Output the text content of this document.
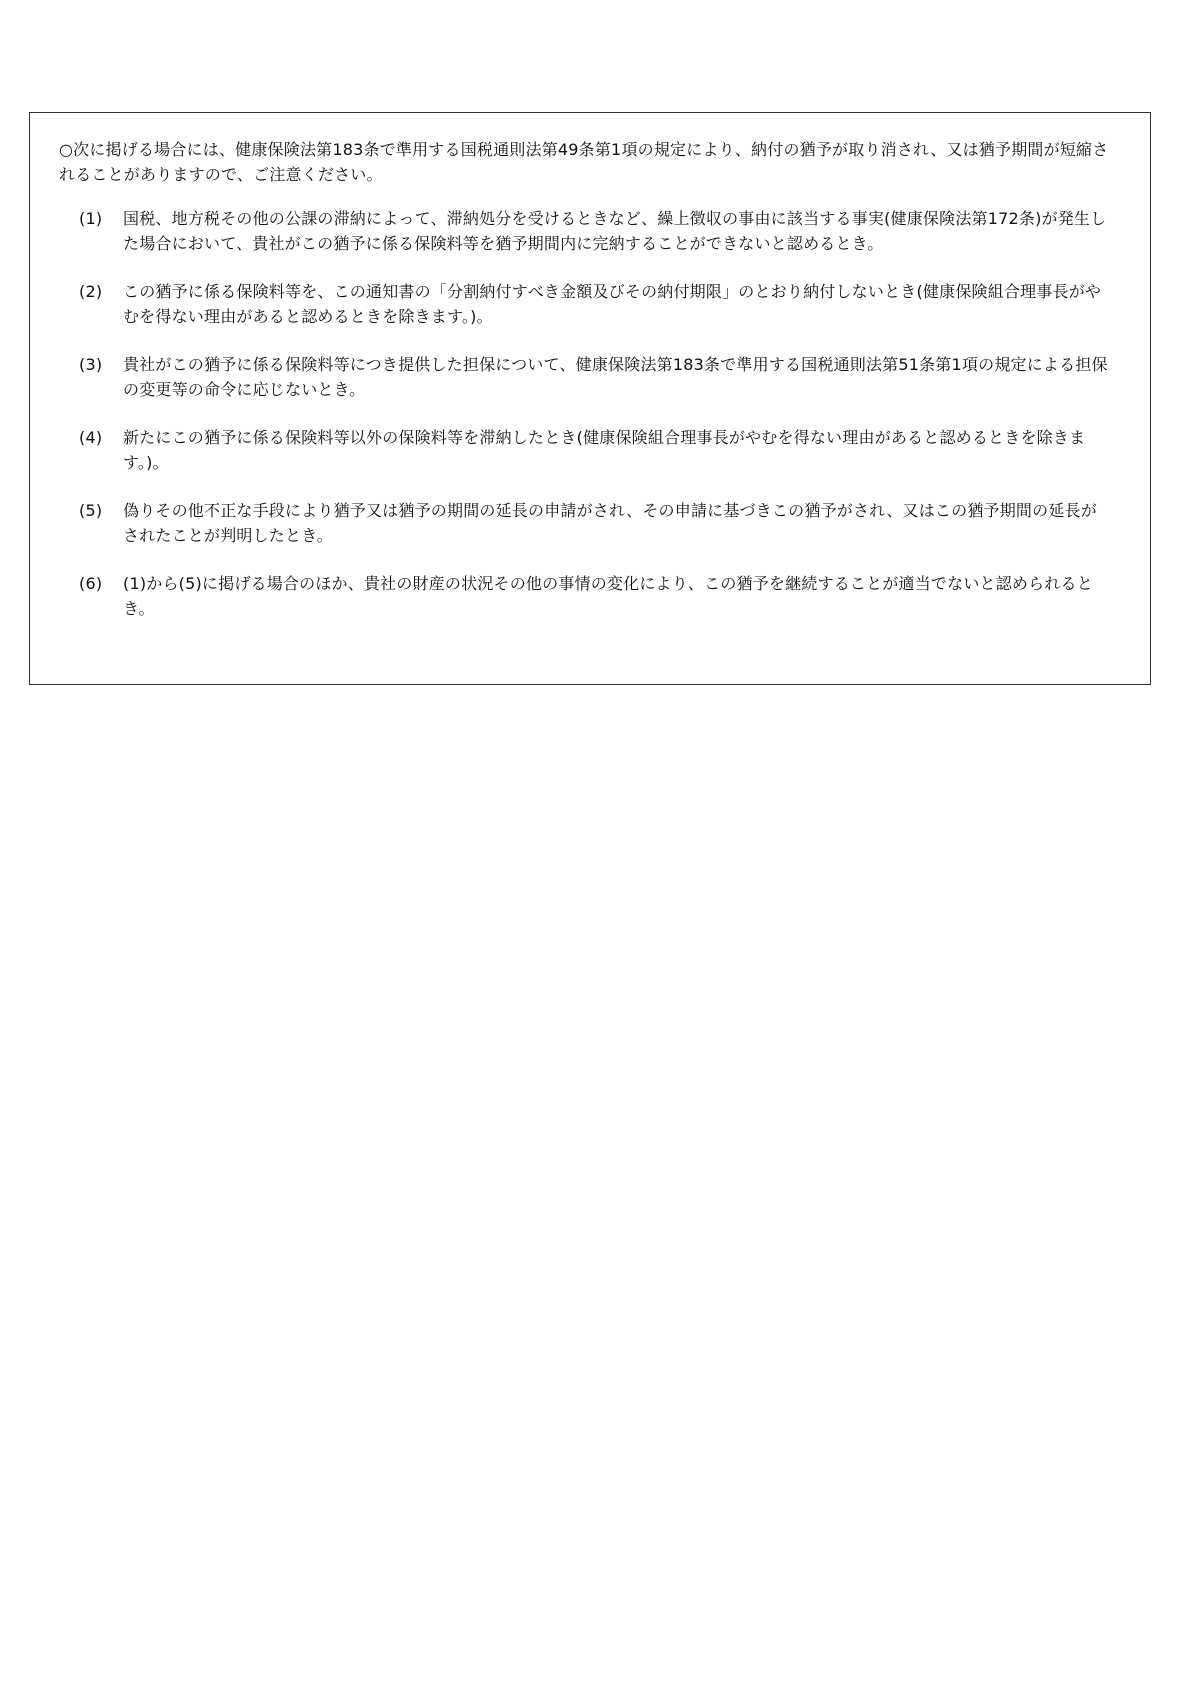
○次に掲げる場合には、健康保険法第183条で準用する国税通則法第49条第1項の規定により、納付の猶予が取り消され、又は猶予期間が短縮されることがありますので、ご注意ください。

(1)	国税、地方税その他の公課の滞納によって、滞納処分を受けるときなど、繰上徴収の事由に該当する事実(健康保険法第172条)が発生した場合において、貴社がこの猶予に係る保険料等を猶予期間内に完納することができないと認めるとき。
(2)	この猶予に係る保険料等を、この通知書の「分割納付すべき金額及びその納付期限」のとおり納付しないとき(健康保険組合理事長がやむを得ない理由があると認めるときを除きます。)。
(3)	貴社がこの猶予に係る保険料等につき提供した担保について、健康保険法第183条で準用する国税通則法第51条第1項の規定による担保の変更等の命令に応じないとき。
(4)	新たにこの猶予に係る保険料等以外の保険料等を滞納したとき(健康保険組合理事長がやむを得ない理由があると認めるときを除きます。)。
(5)	偽りその他不正な手段により猶予又は猶予の期間の延長の申請がされ、その申請に基づきこの猶予がされ、又はこの猶予期間の延長がされたことが判明したとき。
(6)	(1)から(5)に掲げる場合のほか、貴社の財産の状況その他の事情の変化により、この猶予を継続することが適当でないと認められるとき。
